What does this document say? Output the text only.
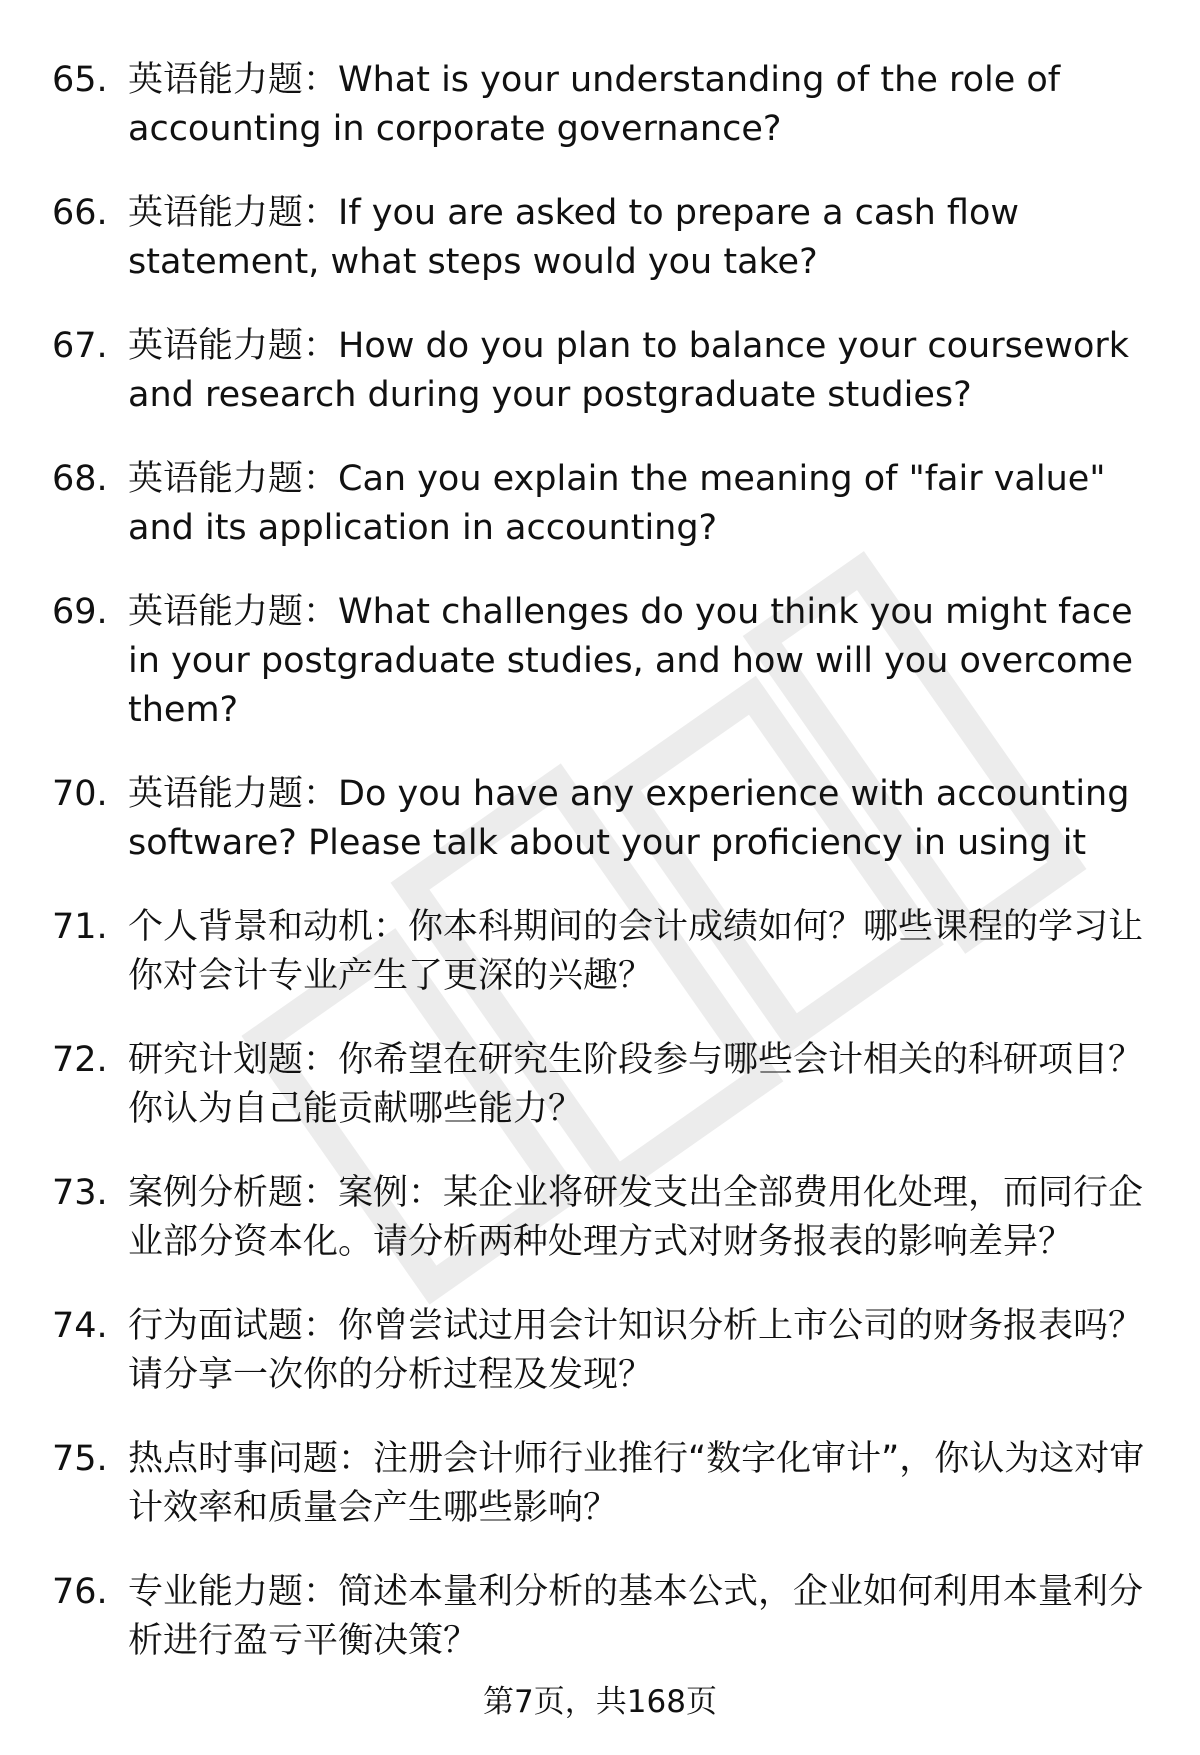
65. 英语能力题：What is your understanding of the role of accounting in corporate governance?
66. 英语能力题：If you are asked to prepare a cash flow statement, what steps would you take?
67. 英语能力题：How do you plan to balance your coursework and research during your postgraduate studies?
68. 英语能力题：Can you explain the meaning of "fair value" and its application in accounting?
69. 英语能力题：What challenges do you think you might face in your postgraduate studies, and how will you overcome them?
70. 英语能力题：Do you have any experience with accounting software? Please talk about your proficiency in using it
71. 个人背景和动机：你本科期间的会计成绩如何？哪些课程的学习让你对会计专业产生了更深的兴趣？
72. 研究计划题：你希望在研究生阶段参与哪些会计相关的科研项目？你认为自己能贡献哪些能力？
73. 案例分析题：案例：某企业将研发支出全部费用化处理，而同行企业部分资本化。请分析两种处理方式对财务报表的影响差异？
74. 行为面试题：你曾尝试过用会计知识分析上市公司的财务报表吗？请分享一次你的分析过程及发现？
75. 热点时事问题：注册会计师行业推行“数字化审计”，你认为这对审计效率和质量会产生哪些影响？
76. 专业能力题：简述本量利分析的基本公式，企业如何利用本量利分析进行盈亏平衡决策？
第7页，共168页
